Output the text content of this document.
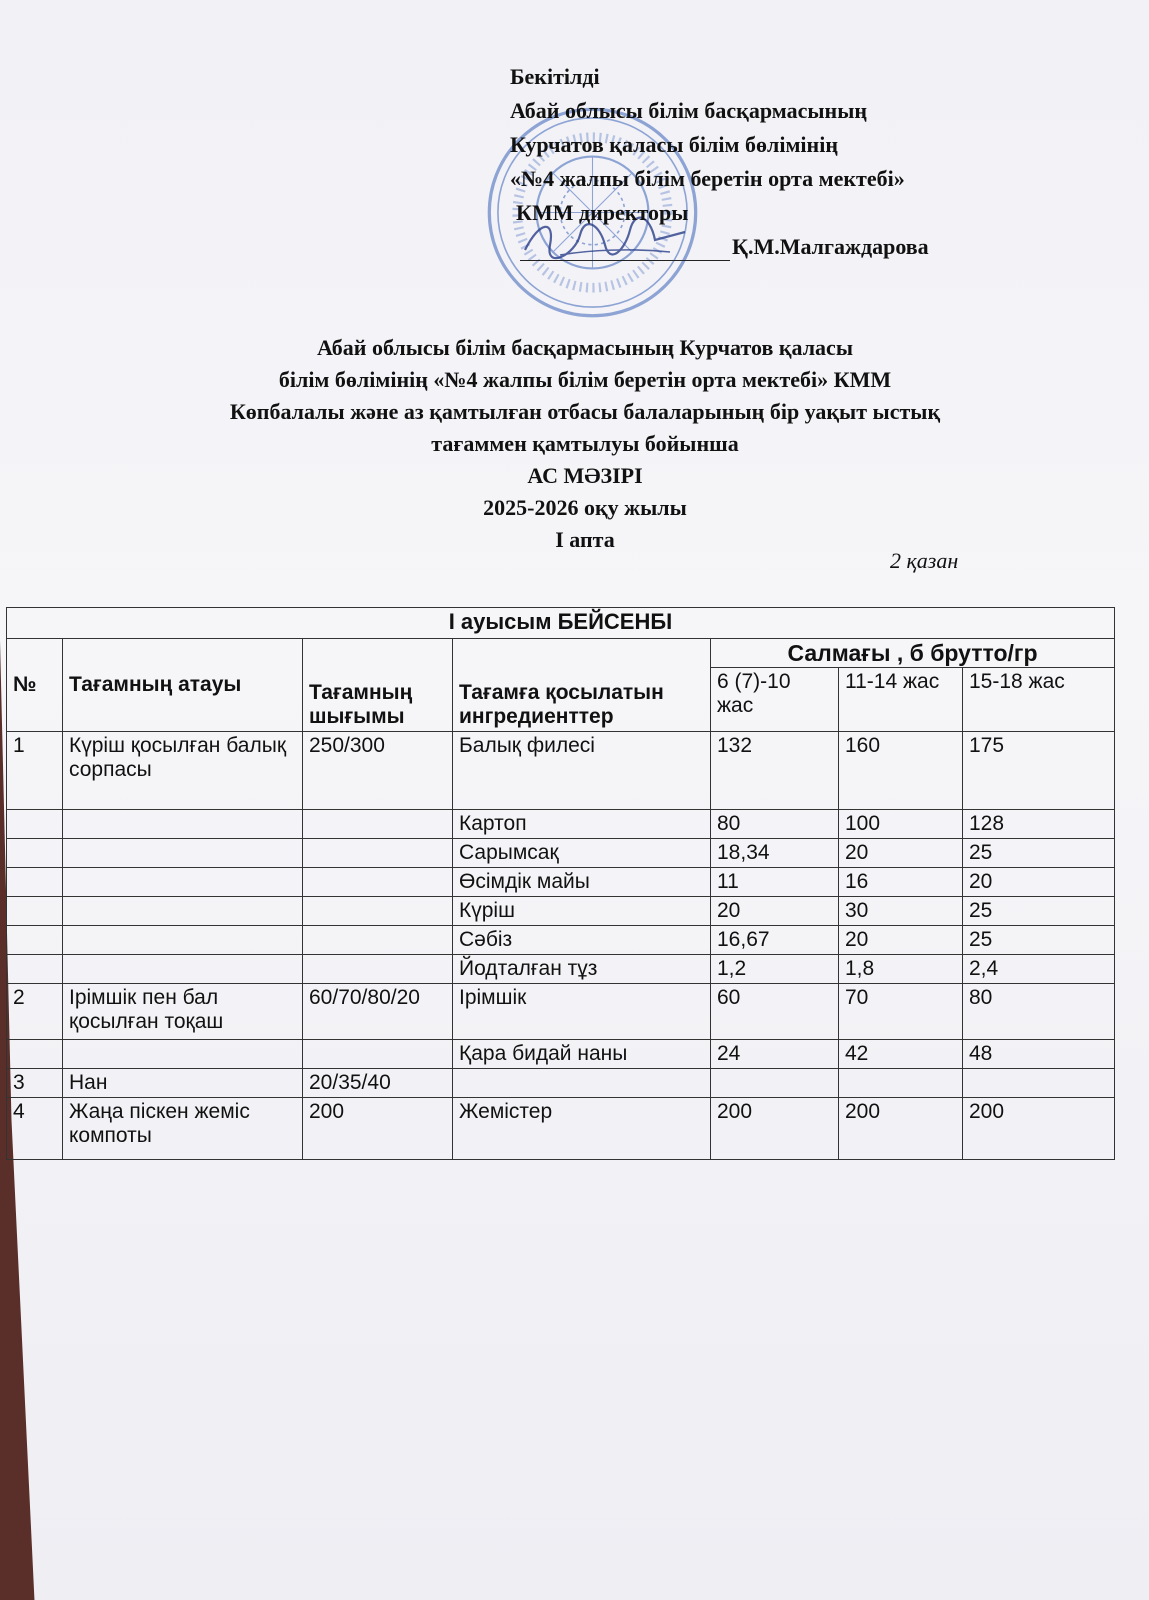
Бекітілді
Абай облысы білім басқармасының
Курчатов қаласы білім бөлімінің
«№4 жалпы білім беретін орта мектебі»
КММ директоры
Қ.М.Малгаждарова
Абай облысы білім басқармасының Курчатов қаласы
білім бөлімінің «№4 жалпы білім беретін орта мектебі» КММ
Көпбалалы және аз қамтылған отбасы балаларының бір уақыт ыстық
тағаммен қамтылуы бойынша
АС МӘЗІРІ
2025-2026 оқу жылы
І апта
2 қазан
І ауысым БЕЙСЕНБІ						
№	Тағамның атауы	Тағамның шығымы	Тағамға қосылатын ингредиенттер	Салмағы , б брутто/гр		
				6 (7)-10 жас	11-14 жас	15-18 жас
1	Күріш қосылған балық сорпасы	250/300	Балық филесі	132	160	175
			Картоп	80	100	128
			Сарымсақ	18,34	20	25
			Өсімдік майы	11	16	20
			Күріш	20	30	25
			Сәбіз	16,67	20	25
			Йодталған тұз	1,2	1,8	2,4
2	Ірімшік пен бал қосылған тоқаш	60/70/80/20	Ірімшік	60	70	80
			Қара бидай наны	24	42	48
3	Нан	20/35/40				
4	Жаңа піскен жеміс компоты	200	Жемістер	200	200	200
